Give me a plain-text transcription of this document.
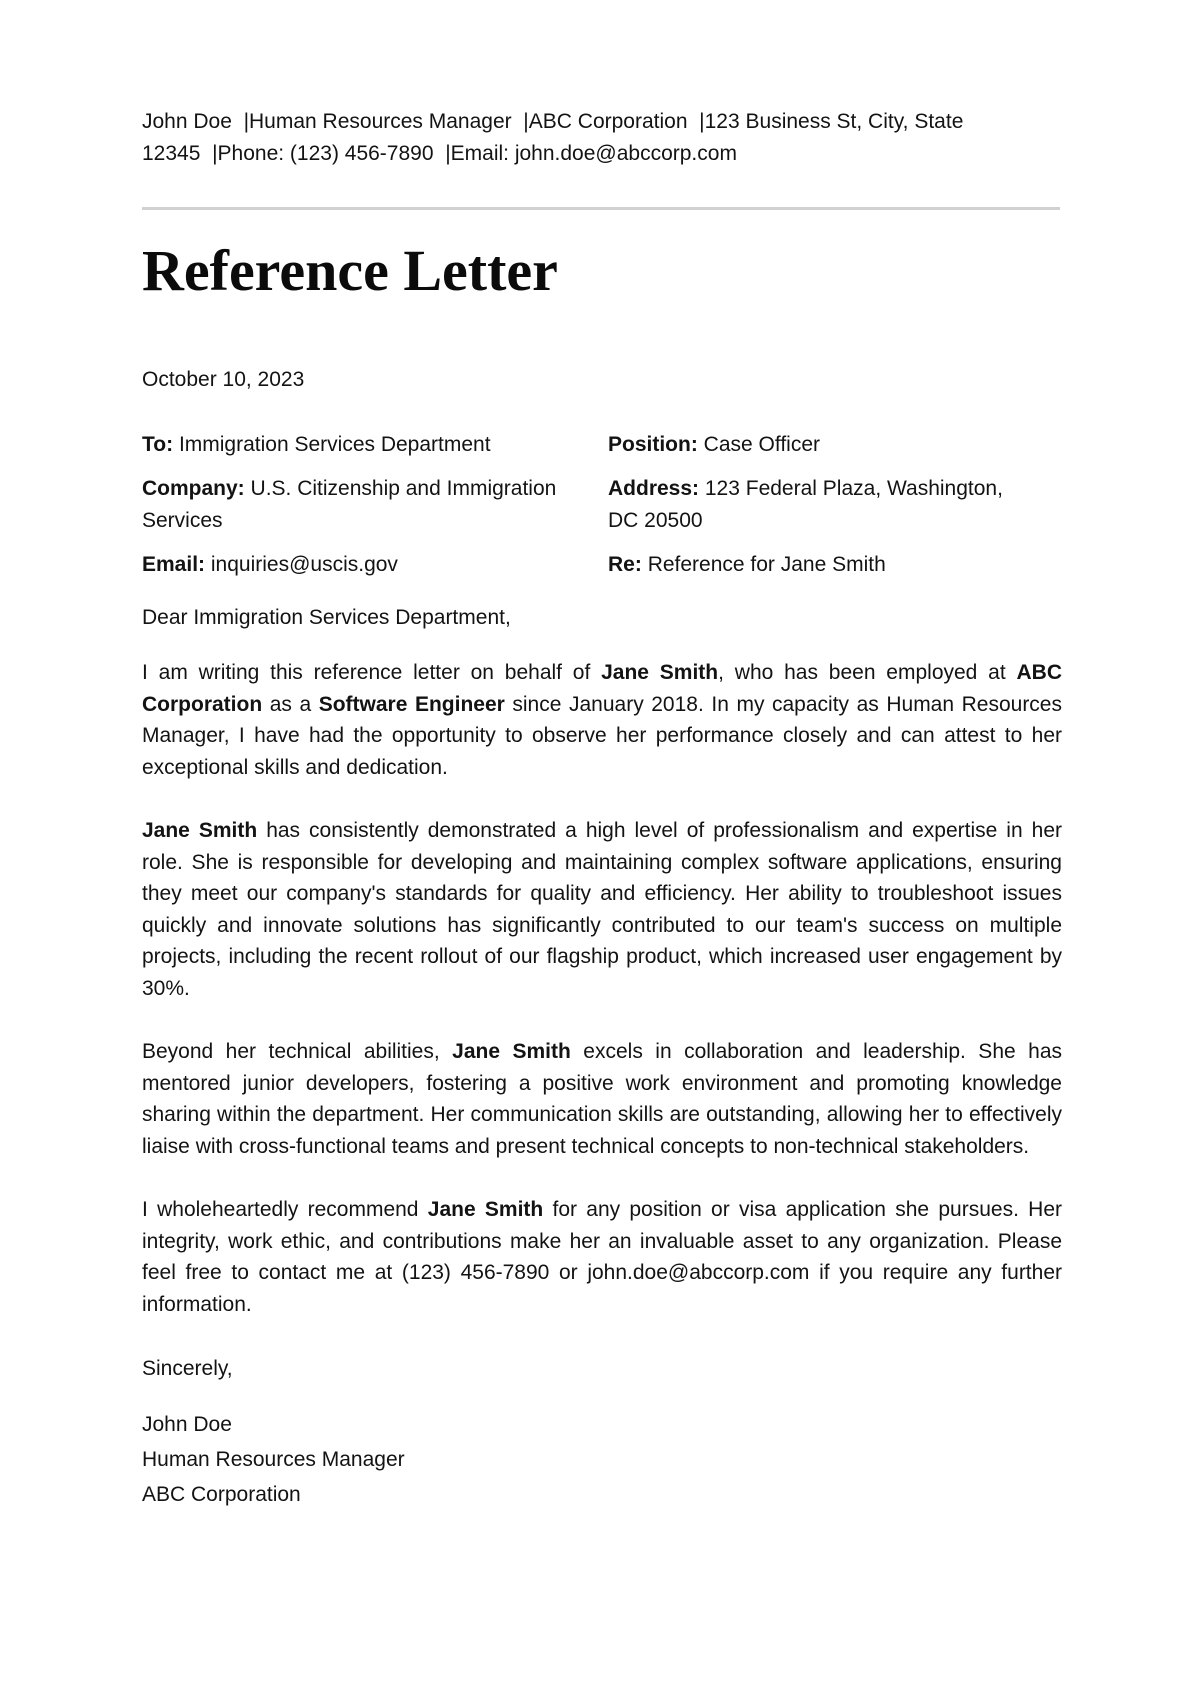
John Doe  |Human Resources Manager  |ABC Corporation  |123 Business St, City, State 12345  |Phone: (123) 456-7890  |Email: john.doe@abccorp.com
Reference Letter
October 10, 2023
To: Immigration Services Department	Position: Case Officer
Company: U.S. Citizenship and Immigration Services
Address: 123 Federal Plaza, Washington, DC 20500
Email: inquiries@uscis.gov	Re: Reference for Jane Smith
Dear Immigration Services Department,

I am writing this reference letter on behalf of Jane Smith, who has been employed at ABC Corporation as a Software Engineer since January 2018. In my capacity as Human Resources Manager, I have had the opportunity to observe her performance closely and can attest to her exceptional skills and dedication.

Jane Smith has consistently demonstrated a high level of professionalism and expertise in her role. She is responsible for developing and maintaining complex software applications, ensuring they meet our company's standards for quality and efficiency. Her ability to troubleshoot issues quickly and innovate solutions has significantly contributed to our team's success on multiple projects, including the recent rollout of our flagship product, which increased user engagement by 30%.

Beyond her technical abilities, Jane Smith excels in collaboration and leadership. She has mentored junior developers, fostering a positive work environment and promoting knowledge sharing within the department. Her communication skills are outstanding, allowing her to effectively liaise with cross-functional teams and present technical concepts to non-technical stakeholders.

I wholeheartedly recommend Jane Smith for any position or visa application she pursues. Her integrity, work ethic, and contributions make her an invaluable asset to any organization. Please feel free to contact me at (123) 456-7890 or john.doe@abccorp.com if you require any further information.

Sincerely,
John Doe
Human Resources Manager
ABC Corporation
